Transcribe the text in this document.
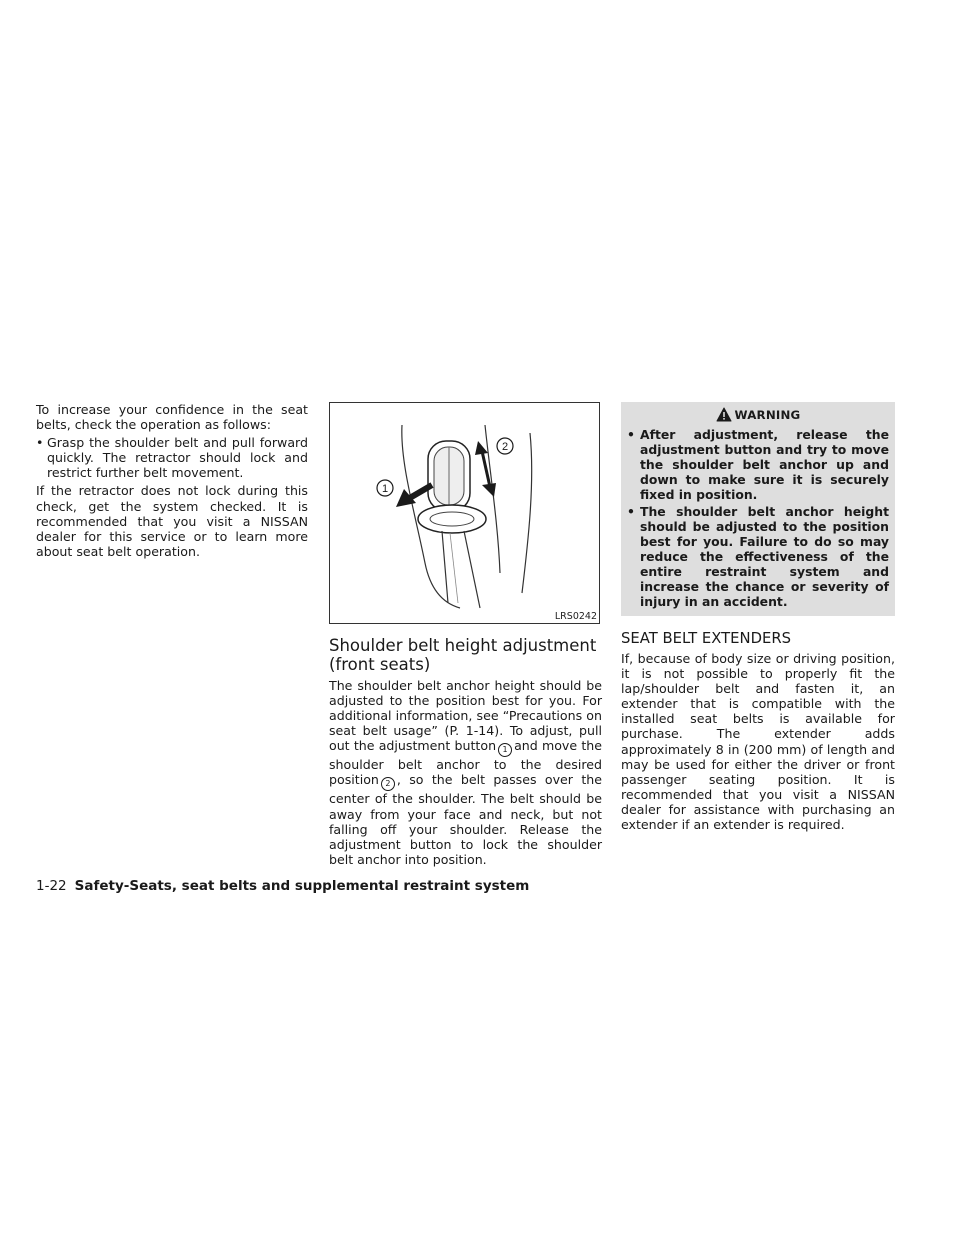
To increase your confidence in the seat belts, check the operation as follows:

• Grasp the shoulder belt and pull forward quickly. The retractor should lock and restrict further belt movement.

If the retractor does not lock during this check, get the system checked. It is recommended that you visit a NISSAN dealer for this service or to learn more about seat belt operation.

1
2
LRS0242
Shoulder belt height adjustment (front seats)

The shoulder belt anchor height should be adjusted to the position best for you. For additional information, see “Precautions on seat belt usage” (P. 1-14). To adjust, pull out the adjustment button 1 and move the shoulder belt anchor to the desired position 2 , so the belt passes over the center of the shoulder. The belt should be away from your face and neck, but not falling off your shoulder. Release the adjustment button to lock the shoulder belt anchor into position.

WARNING
• After adjustment, release the adjustment button and try to move the shoulder belt anchor up and down to make sure it is securely fixed in position.
• The shoulder belt anchor height should be adjusted to the position best for you. Failure to do so may reduce the effectiveness of the entire restraint system and increase the chance or severity of injury in an accident.
SEAT BELT EXTENDERS

If, because of body size or driving position, it is not possible to properly fit the lap/shoulder belt and fasten it, an extender that is compatible with the installed seat belts is available for purchase. The extender adds approximately 8 in (200 mm) of length and may be used for either the driver or front passenger seating position. It is recommended that you visit a NISSAN dealer for assistance with purchasing an extender if an extender is required.

1-22 Safety-Seats, seat belts and supplemental restraint system
